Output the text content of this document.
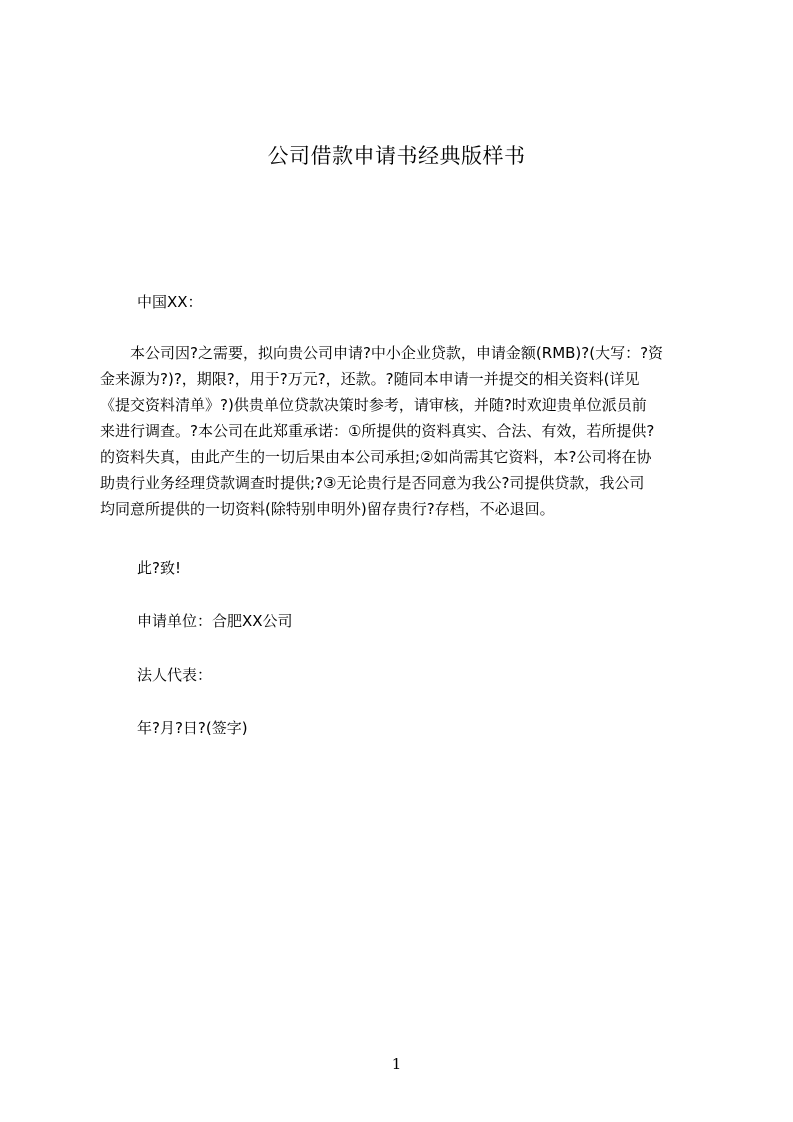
公司借款申请书经典版样书
中国XX：
　　本公司因?之需要，拟向贵公司申请?中小企业贷款，申请金额(RMB)?(大写：?资
金来源为?)?，期限?，用于?万元?，还款。?随同本申请一并提交的相关资料(详见
《提交资料清单》?)供贵单位贷款决策时参考，请审核，并随?时欢迎贵单位派员前
来进行调查。?本公司在此郑重承诺：①所提供的资料真实、合法、有效，若所提供?
的资料失真，由此产生的一切后果由本公司承担;②如尚需其它资料，本?公司将在协
助贵行业务经理贷款调查时提供;?③无论贵行是否同意为我公?司提供贷款，我公司
均同意所提供的一切资料(除特别申明外)留存贵行?存档，不必退回。
此?致!
申请单位：合肥XX公司
法人代表：
年?月?日?(签字)
1
